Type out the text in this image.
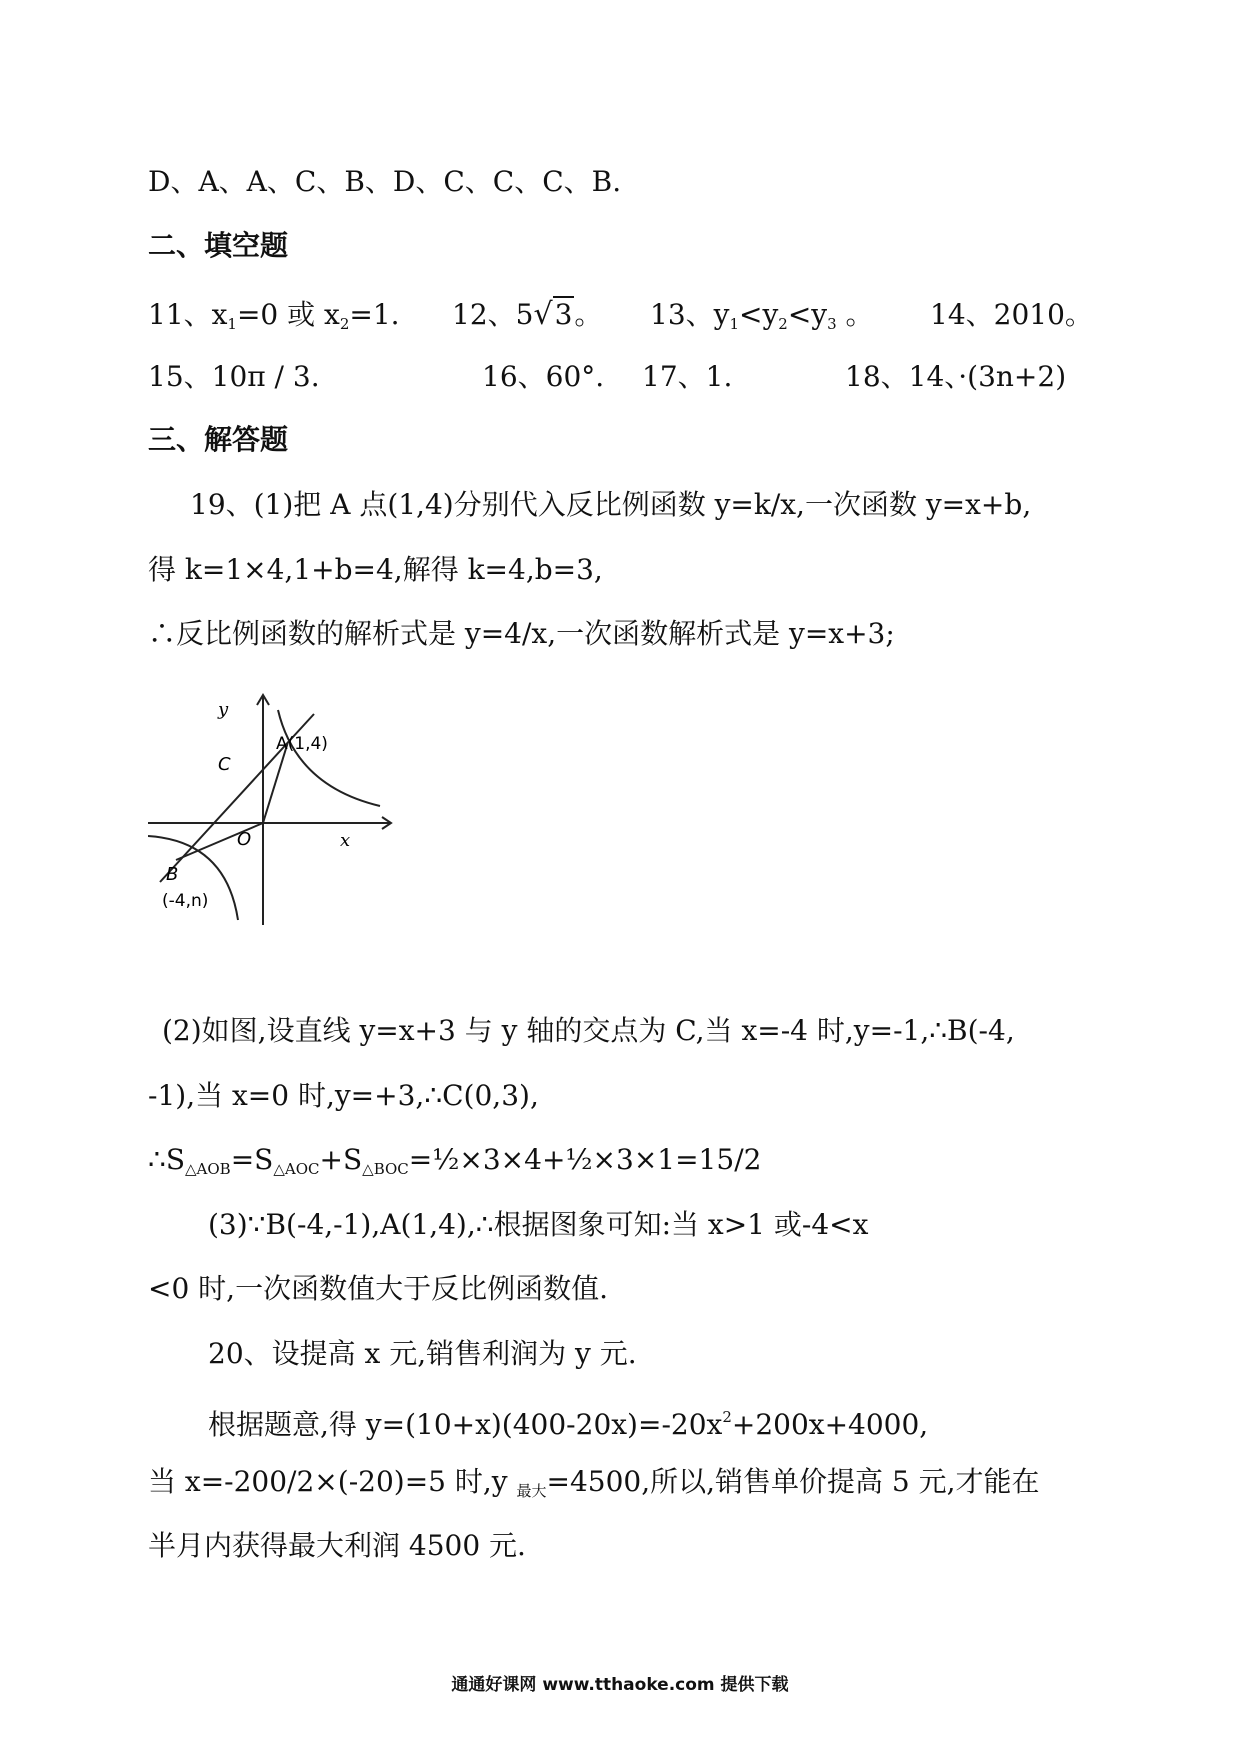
D、A、A、C、B、D、C、C、C、B.
二、填空题
11、$x_1=0$ 或 $x_2=1$. 12、5√3。 13、$y_1<y_2<y_3$ 。 14、2010。
15、10π / 3.	16、60°. 17、1.	18、14、·(3n+2)
三、解答题
19、(1)把 A 点(1,4)分别代入反比例函数 y=k/x,一次函数 y=x+b,
得 k=1×4,1+b=4,解得 k=4,b=3,
∴反比例函数的解析式是 y=4/x,一次函数解析式是 y=x+3;
y
x
O
C
A(1,4)
B
(-4,n)
(2)如图,设直线 y=x+3 与 y 轴的交点为 C,当 x=-4 时,y=-1,∴B(-4,
-1),当 x=0 时,y=+3,∴C(0,3),
$\therefore S_{\triangle AOB}=S_{\triangle AOC}+S_{\triangle BOC}=\frac{1}{2}\times 3\times 4+\frac{1}{2}\times 3\times 1=15/2$
(3)∵B(-4,-1),A(1,4),∴根据图象可知:当 x>1 或-4<x
<0 时,一次函数值大于反比例函数值.
20、设提高 x 元,销售利润为 y 元.
根据题意,得 $y=(10+x)(400-20x)=-20x^2+200x+4000$,
当 x=-200/2×(-20)=5 时,y $_{最大}$=4500,所以,销售单价提高 5 元,才能在
半月内获得最大利润 4500 元.
通通好课网 www.tthaoke.com 提供下载
